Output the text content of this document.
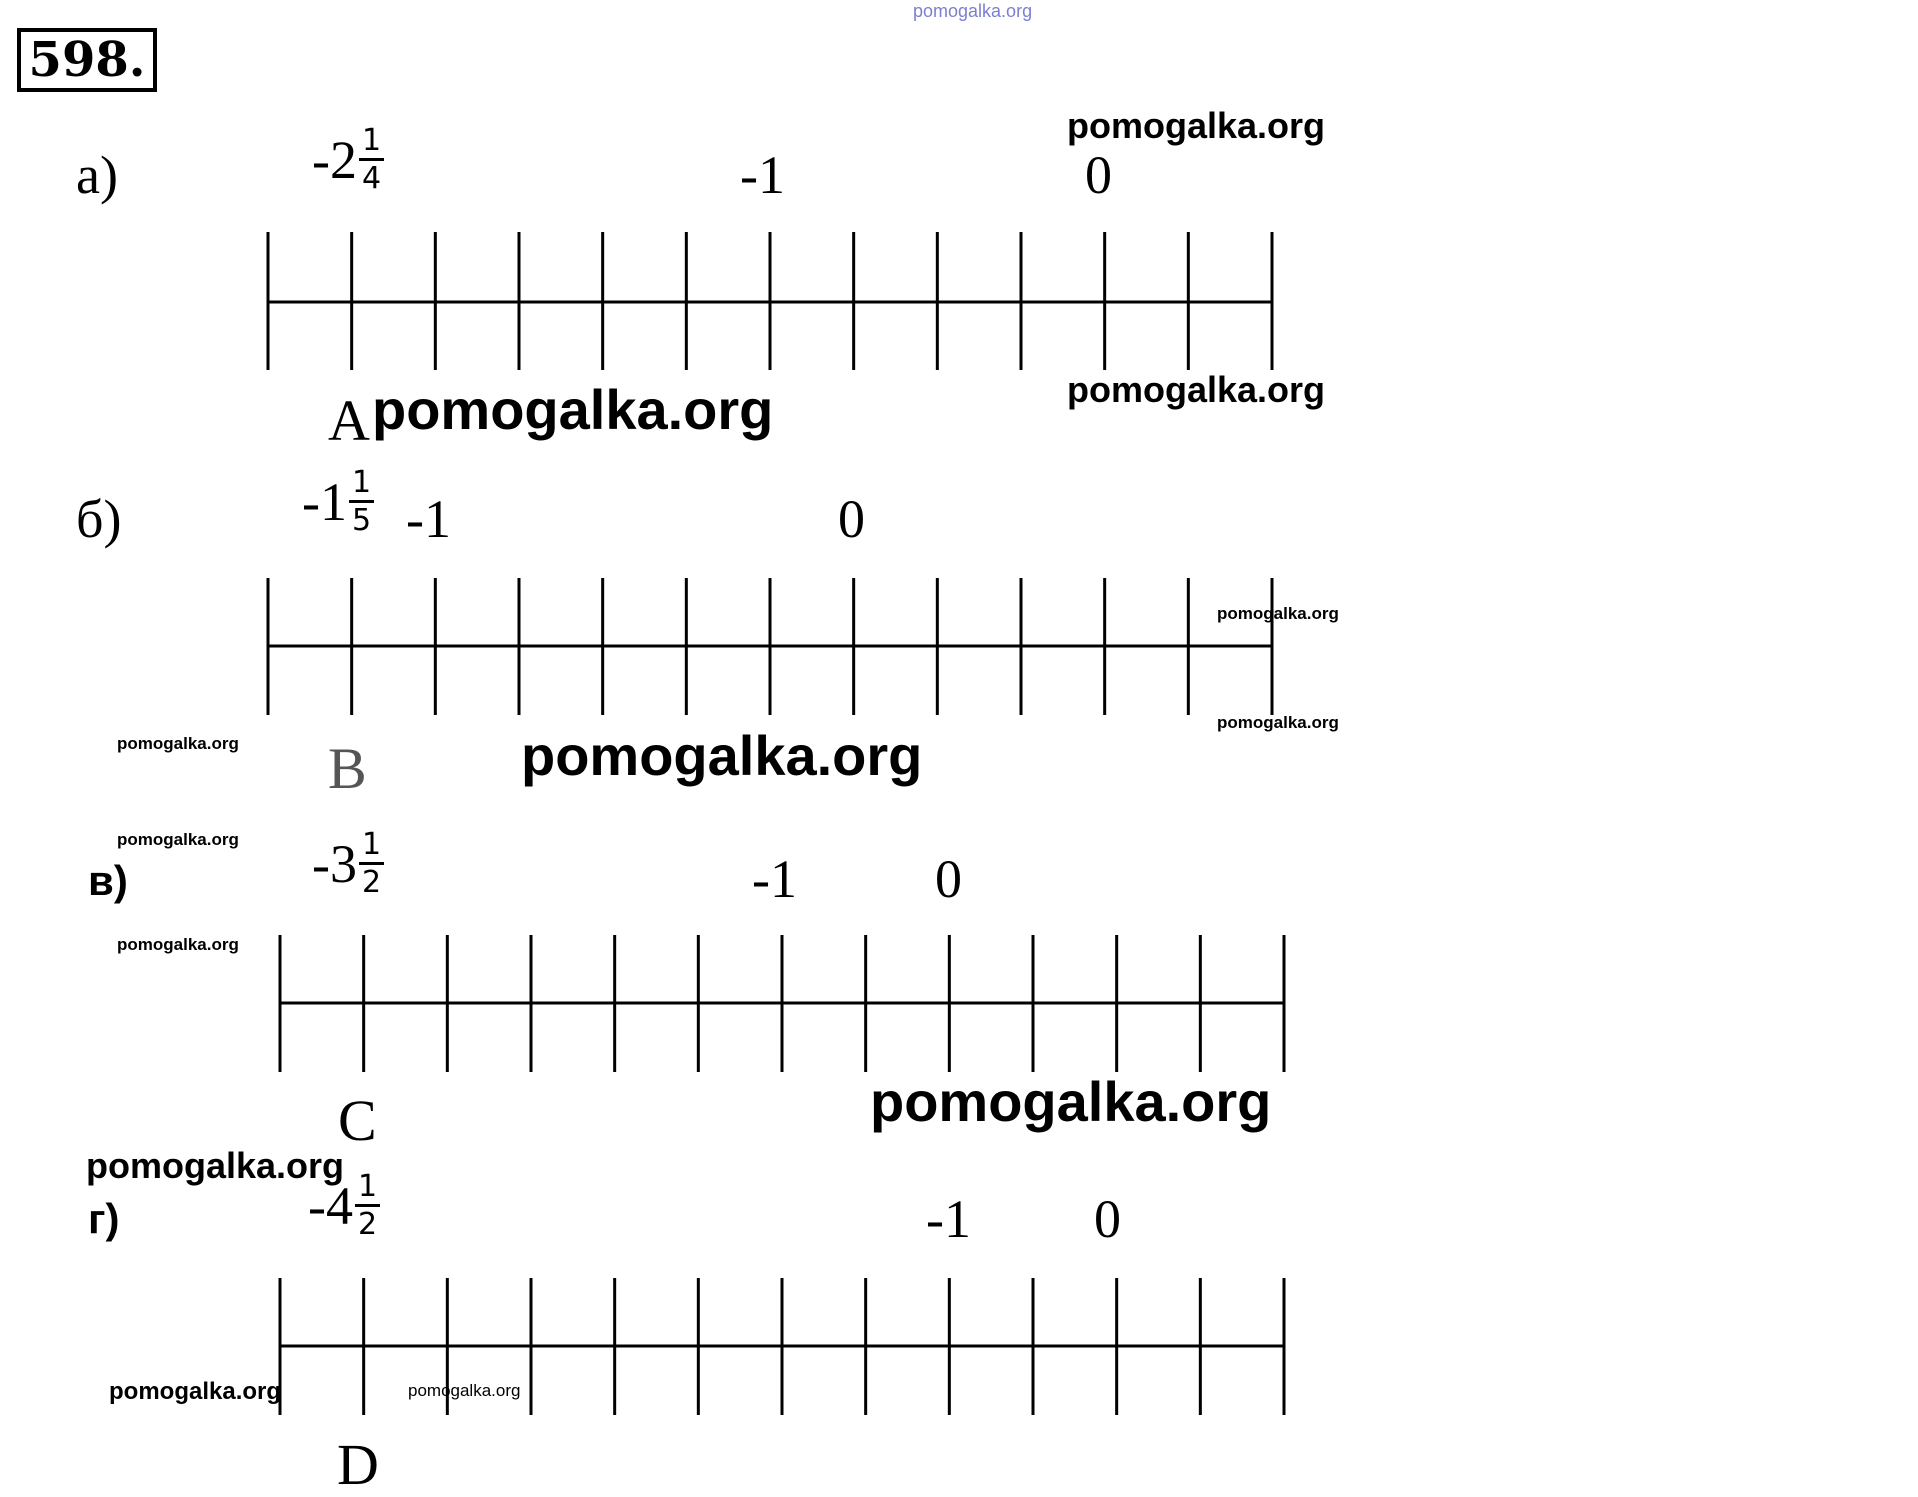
pomogalka.org
598.
а)	$-2 \frac{1}{4}$	-1	0
A
б)	$-1 \frac{1}{5} -1$	0
B
в)	$-3 \frac{1}{2}$	-1	0
C
г)	$-4 \frac{1}{2}$	-1 0
D
pomogalka.org
pomogalka.org
pomogalka.org
pomogalka.org
pomogalka.org
pomogalka.org	pomogalka.org
pomogalka.org
pomogalka.org
pomogalka.org
pomogalka.org
pomogalka.org	pomogalka.org
